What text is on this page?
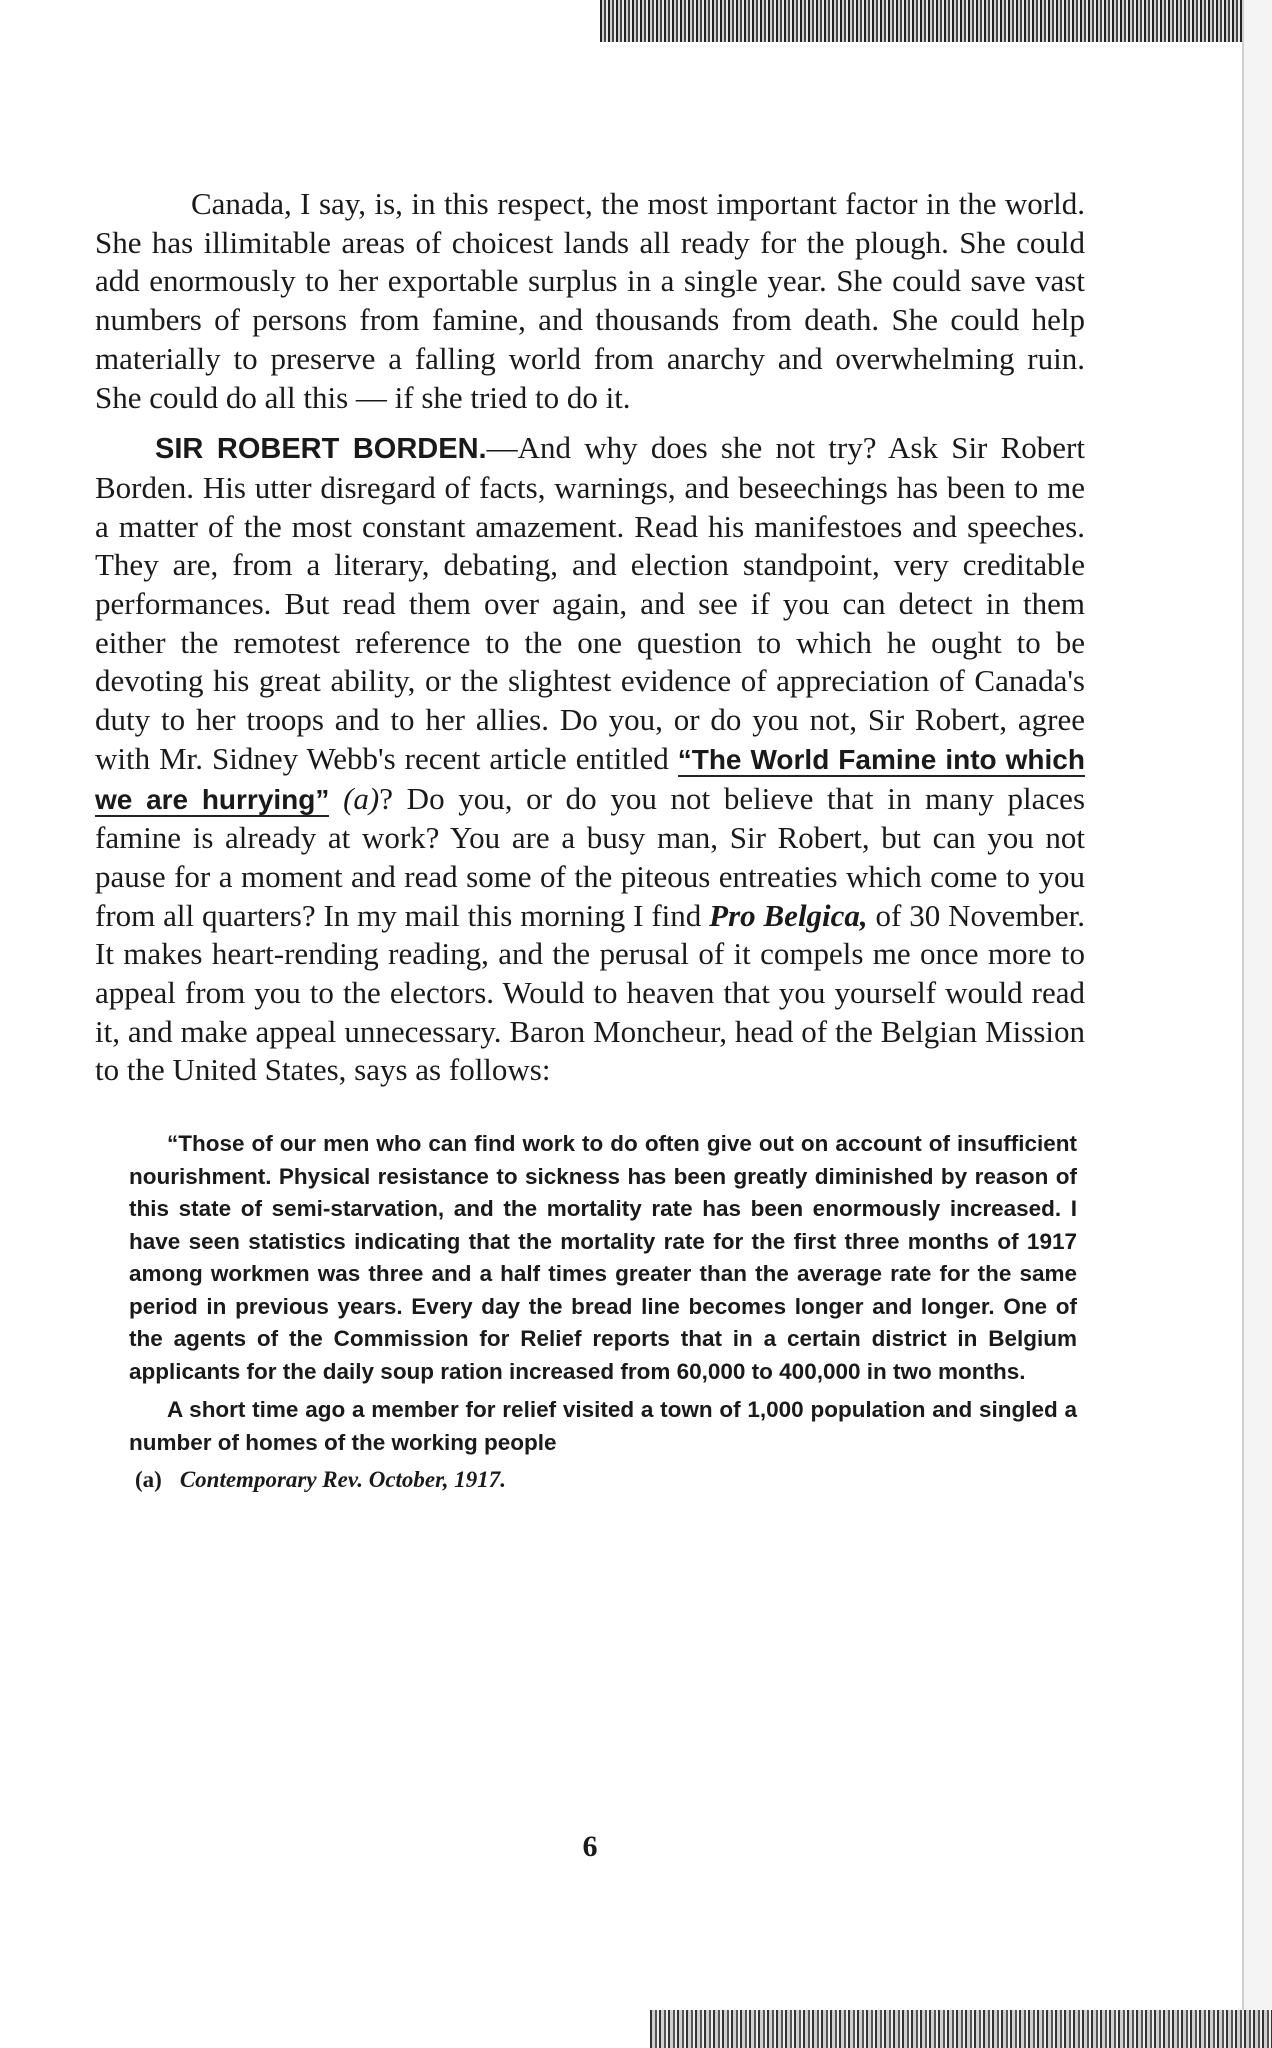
Canada, I say, is, in this respect, the most important factor in the world. She has illimitable areas of choicest lands all ready for the plough. She could add enormously to her exportable surplus in a single year. She could save vast numbers of persons from famine, and thousands from death. She could help materially to preserve a falling world from anarchy and overwhelming ruin. She could do all this — if she tried to do it.

SIR ROBERT BORDEN.—And why does she not try? Ask Sir Robert Borden. His utter disregard of facts, warnings, and beseechings has been to me a matter of the most constant amazement. Read his manifestoes and speeches. They are, from a literary, debating, and election standpoint, very creditable performances. But read them over again, and see if you can detect in them either the remotest reference to the one question to which he ought to be devoting his great ability, or the slightest evidence of appreciation of Canada's duty to her troops and to her allies. Do you, or do you not, Sir Robert, agree with Mr. Sidney Webb's recent article entitled “The World Famine into which we are hurrying” (a)? Do you, or do you not believe that in many places famine is already at work? You are a busy man, Sir Robert, but can you not pause for a moment and read some of the piteous entreaties which come to you from all quarters? In my mail this morning I find Pro Belgica, of 30 November. It makes heart-rending reading, and the perusal of it compels me once more to appeal from you to the electors. Would to heaven that you yourself would read it, and make appeal unnecessary. Baron Moncheur, head of the Belgian Mission to the United States, says as follows:

“Those of our men who can find work to do often give out on account of insufficient nourishment. Physical resistance to sickness has been greatly diminished by reason of this state of semi-starvation, and the mortality rate has been enormously increased. I have seen statistics indicating that the mortality rate for the first three months of 1917 among workmen was three and a half times greater than the average rate for the same period in previous years. Every day the bread line becomes longer and longer. One of the agents of the Commission for Relief reports that in a certain district in Belgium applicants for the daily soup ration increased from 60,000 to 400,000 in two months.

A short time ago a member for relief visited a town of 1,000 population and singled a number of homes of the working people

(a) Contemporary Rev. October, 1917.
6
